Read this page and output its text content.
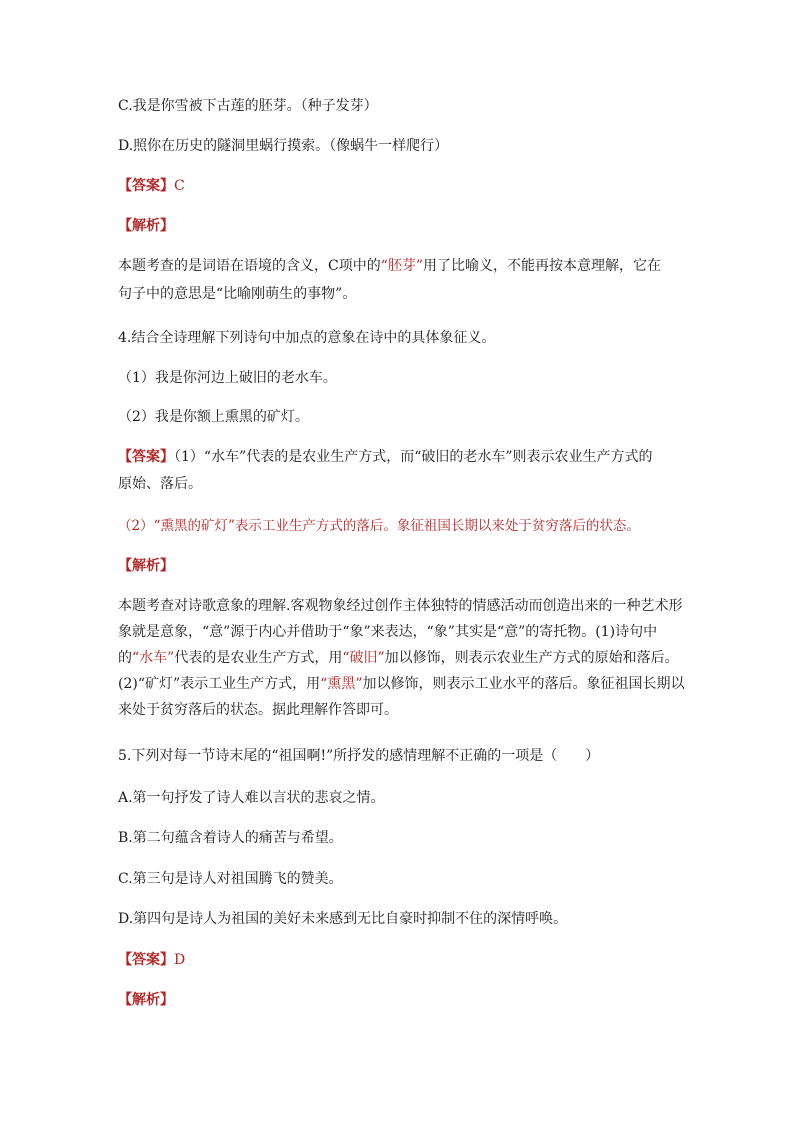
C.我是你雪被下古莲的胚芽。（种子发芽）
D.照你在历史的隧洞里蜗行摸索。（像蜗牛一样爬行）
【答案】C
【解析】
本题考查的是词语在语境的含义，C项中的“胚芽”用了比喻义，不能再按本意理解，它在
句子中的意思是“比喻刚萌生的事物”。
4.结合全诗理解下列诗句中加点的意象在诗中的具体象征义。
（1）我是你河边上破旧的老水车。
（2）我是你额上熏黑的矿灯。
【答案】（1）“水车”代表的是农业生产方式，而“破旧的老水车”则表示农业生产方式的
原始、落后。
（2）“熏黑的矿灯”表示工业生产方式的落后。象征祖国长期以来处于贫穷落后的状态。
【解析】
本题考查对诗歌意象的理解.客观物象经过创作主体独特的情感活动而创造出来的一种艺术形象就是意象，“意”源于内心并借助于“象”来表达，“象”其实是“意”的寄托物。(1)诗句中的“水车”代表的是农业生产方式，用“破旧”加以修饰，则表示农业生产方式的原始和落后。(2)“矿灯”表示工业生产方式，用“熏黑”加以修饰，则表示工业水平的落后。象征祖国长期以来处于贫穷落后的状态。据此理解作答即可。
5.下列对每一节诗末尾的“祖国啊!”所抒发的感情理解不正确的一项是（　　）
A.第一句抒发了诗人难以言状的悲哀之情。
B.第二句蕴含着诗人的痛苦与希望。
C.第三句是诗人对祖国腾飞的赞美。
D.第四句是诗人为祖国的美好未来感到无比自豪时抑制不住的深情呼唤。
【答案】D
【解析】
